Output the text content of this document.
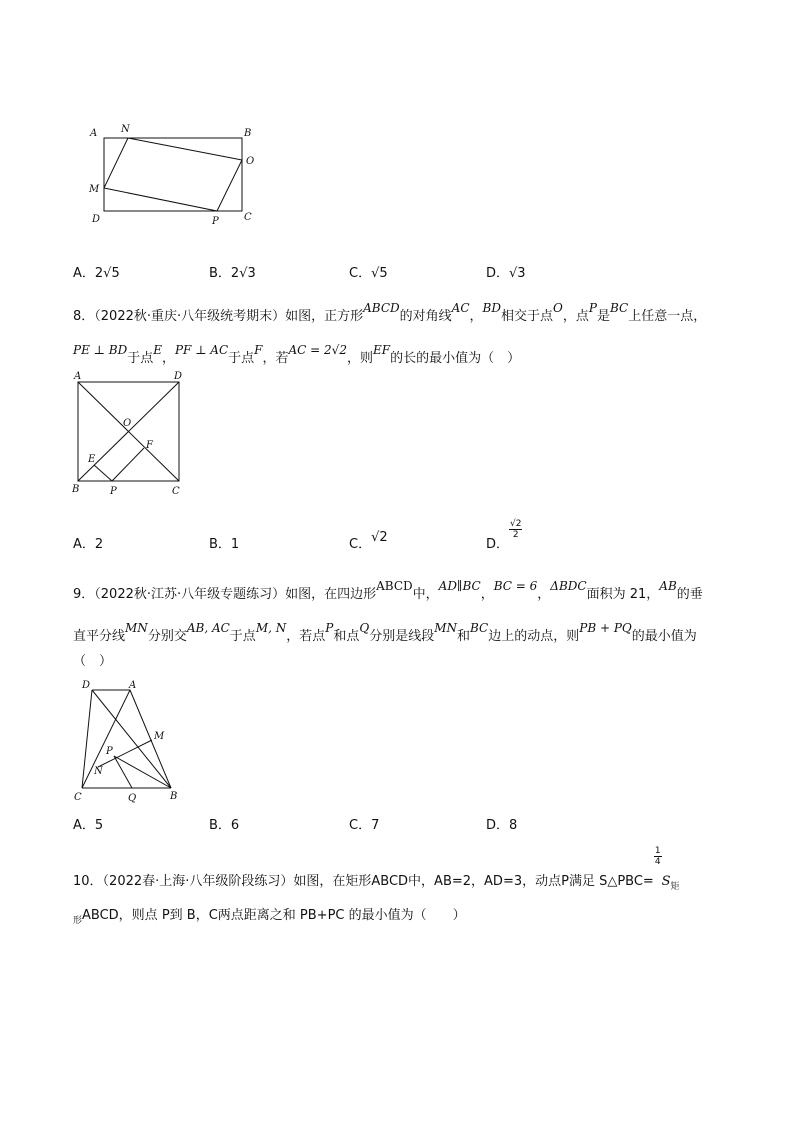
A N	B
O
M
D	P	C
A．2√5	B．2√3	C．√5	D．√3
8．（2022秋·重庆·八年级统考期末）如图，正方形ABCD的对角线AC，BD相交于点O，点P是BC上任意一点，
PE ⊥ BD于点E，PF ⊥ AC于点F，若AC = 2√2，则EF的长的最小值为（　）
A	D
O
F
E
B	P	C
A．2	B．1	C．√2	D．
$\frac{√2}{2}$
9．（2022秋·江苏·八年级专题练习）如图，在四边形ABCD中，AD∥BC，BC = 6，ΔBDC面积为 21，AB的垂
直平分线MN分别交AB, AC于点M, N，若点P和点Q分别是线段MN和BC边上的动点，则PB + PQ的最小值为
（　）
D	A
M
P
N
C	Q	B
A．5	B．6	C．7	D．8
10．（2022春·上海·八年级阶段练习）如图，在矩形ABCD中，AB=2，AD=3，动点P满足 S△PBC=
$\frac{1}{4}S_矩$
$_形$ABCD，则点 P到 B，C两点距离之和 PB+PC 的最小值为（　　）
